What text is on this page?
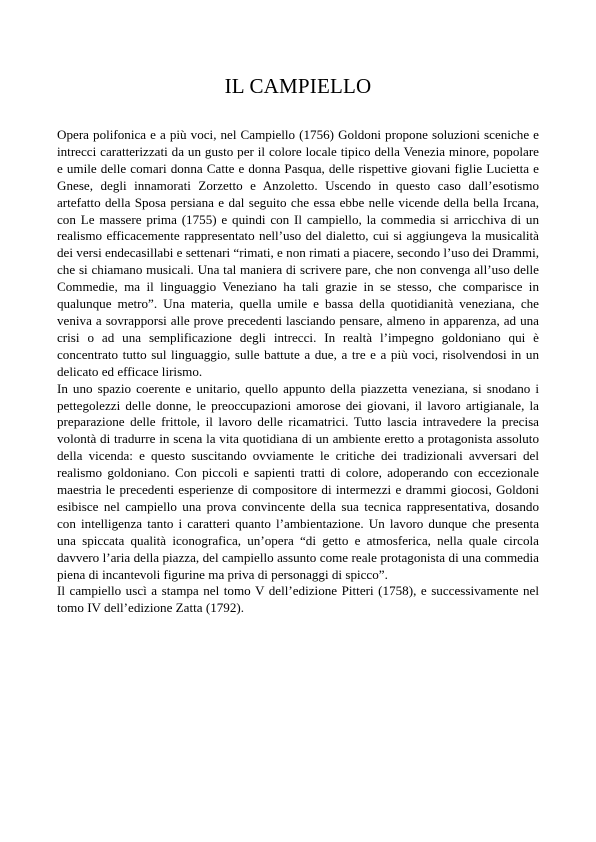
IL CAMPIELLO

Opera polifonica e a più voci, nel Campiello (1756) Goldoni propone soluzioni sceniche e intrecci caratterizzati da un gusto per il colore locale tipico della Venezia minore, popolare e umile delle comari donna Catte e donna Pasqua, delle rispettive giovani figlie Lucietta e Gnese, degli innamorati Zorzetto e Anzoletto. Uscendo in questo caso dall’esotismo artefatto della Sposa persiana e dal seguito che essa ebbe nelle vicende della bella Ircana, con Le massere prima (1755) e quindi con Il campiello, la commedia si arricchiva di un realismo efficacemente rappresentato nell’uso del dialetto, cui si aggiungeva la musicalità dei versi endecasillabi e settenari “rimati, e non rimati a piacere, secondo l’uso dei Drammi, che si chiamano musicali. Una tal maniera di scrivere pare, che non convenga all’uso delle Commedie, ma il linguaggio Veneziano ha tali grazie in se stesso, che comparisce in qualunque metro”. Una materia, quella umile e bassa della quotidianità veneziana, che veniva a sovrapporsi alle prove precedenti lasciando pensare, almeno in apparenza, ad una crisi o ad una semplificazione degli intrecci. In realtà l’impegno goldoniano qui è concentrato tutto sul linguaggio, sulle battute a due, a tre e a più voci, risolvendosi in un delicato ed efficace lirismo.

In uno spazio coerente e unitario, quello appunto della piazzetta veneziana, si snodano i pettegolezzi delle donne, le preoccupazioni amorose dei giovani, il lavoro artigianale, la preparazione delle frittole, il lavoro delle ricamatrici. Tutto lascia intravedere la precisa volontà di tradurre in scena la vita quotidiana di un ambiente eretto a protagonista assoluto della vicenda: e questo suscitando ovviamente le critiche dei tradizionali avversari del realismo goldoniano. Con piccoli e sapienti tratti di colore, adoperando con eccezionale maestria le precedenti esperienze di compositore di intermezzi e drammi giocosi, Goldoni esibisce nel campiello una prova convincente della sua tecnica rappresentativa, dosando con intelligenza tanto i caratteri quanto l’ambientazione. Un lavoro dunque che presenta una spiccata qualità iconografica, un’opera “di getto e atmosferica, nella quale circola davvero l’aria della piazza, del campiello assunto come reale protagonista di una commedia piena di incantevoli figurine ma priva di personaggi di spicco”.

Il campiello uscì a stampa nel tomo V dell’edizione Pitteri (1758), e successivamente nel tomo IV dell’edizione Zatta (1792).
